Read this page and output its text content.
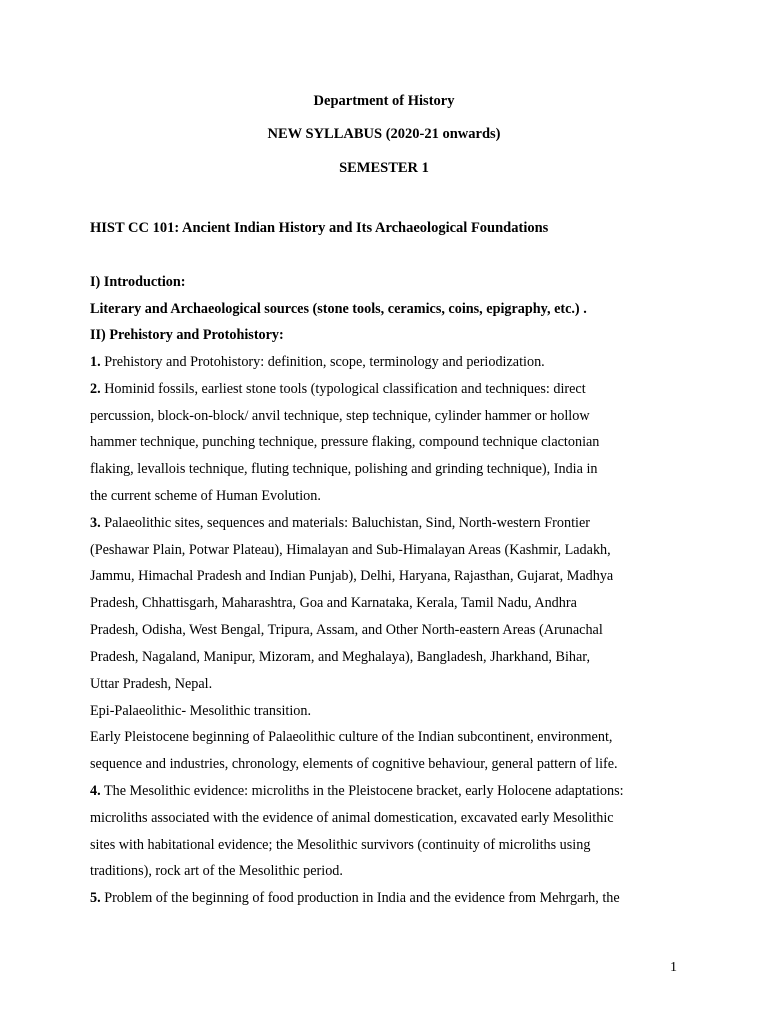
Department of History
NEW SYLLABUS (2020-21 onwards)
SEMESTER 1
HIST CC 101: Ancient Indian History and Its Archaeological Foundations
I) Introduction:
Literary and Archaeological sources (stone tools, ceramics, coins, epigraphy, etc.) .
II) Prehistory and Protohistory:
1. Prehistory and Protohistory: definition, scope, terminology and periodization.
2. Hominid fossils, earliest stone tools (typological classification and techniques: direct
percussion, block-on-block/ anvil technique, step technique, cylinder hammer or hollow
hammer technique, punching technique, pressure flaking, compound technique clactonian
flaking, levallois technique, fluting technique, polishing and grinding technique), India in
the current scheme of Human Evolution.
3. Palaeolithic sites, sequences and materials: Baluchistan, Sind, North-western Frontier
(Peshawar Plain, Potwar Plateau), Himalayan and Sub-Himalayan Areas (Kashmir, Ladakh,
Jammu, Himachal Pradesh and Indian Punjab), Delhi, Haryana, Rajasthan, Gujarat, Madhya
Pradesh, Chhattisgarh, Maharashtra, Goa and Karnataka, Kerala, Tamil Nadu, Andhra
Pradesh, Odisha, West Bengal, Tripura, Assam, and Other North-eastern Areas (Arunachal
Pradesh, Nagaland, Manipur, Mizoram, and Meghalaya), Bangladesh, Jharkhand, Bihar,
Uttar Pradesh, Nepal.
Epi-Palaeolithic- Mesolithic transition.
Early Pleistocene beginning of Palaeolithic culture of the Indian subcontinent, environment,
sequence and industries, chronology, elements of cognitive behaviour, general pattern of life.
4. The Mesolithic evidence: microliths in the Pleistocene bracket, early Holocene adaptations:
microliths associated with the evidence of animal domestication, excavated early Mesolithic
sites with habitational evidence; the Mesolithic survivors (continuity of microliths using
traditions), rock art of the Mesolithic period.
5. Problem of the beginning of food production in India and the evidence from Mehrgarh, the
1
